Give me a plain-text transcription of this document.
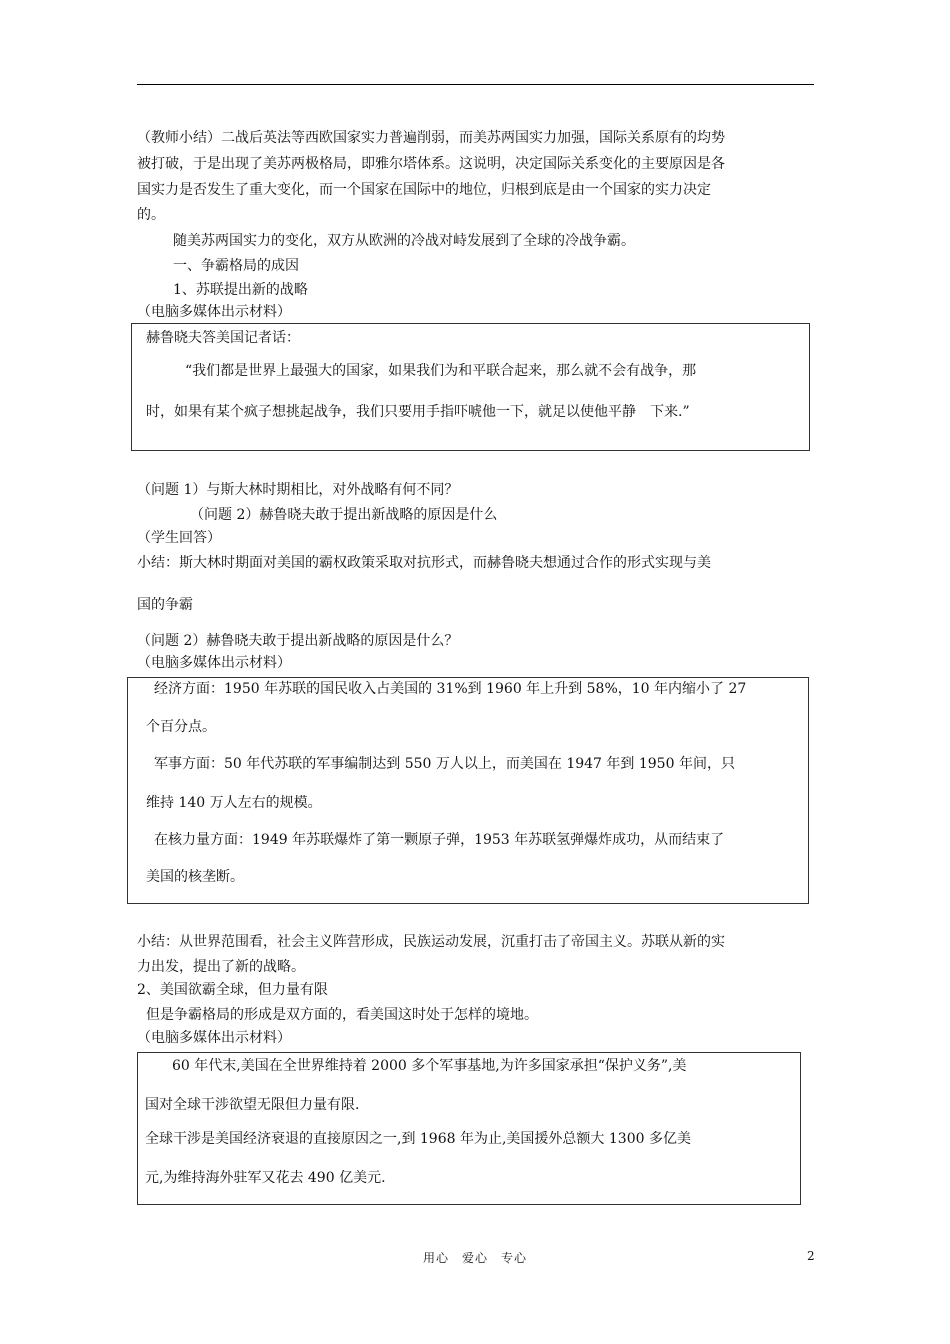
（教师小结）二战后英法等西欧国家实力普遍削弱，而美苏两国实力加强，国际关系原有的均势
被打破，于是出现了美苏两极格局，即雅尔塔体系。这说明，决定国际关系变化的主要原因是各
国实力是否发生了重大变化，而一个国家在国际中的地位，归根到底是由一个国家的实力决定
的。
随美苏两国实力的变化，双方从欧洲的冷战对峙发展到了全球的冷战争霸。
一、争霸格局的成因
1、苏联提出新的战略
（电脑多媒体出示材料）
赫鲁晓夫答美国记者话：
“我们都是世界上最强大的国家，如果我们为和平联合起来，那么就不会有战争，那
时，如果有某个疯子想挑起战争，我们只要用手指吓唬他一下，就足以使他平静　下来.”
（问题 1）与斯大林时期相比，对外战略有何不同？
（问题 2）赫鲁晓夫敢于提出新战略的原因是什么
（学生回答）
小结：斯大林时期面对美国的霸权政策采取对抗形式，而赫鲁晓夫想通过合作的形式实现与美
国的争霸
（问题 2）赫鲁晓夫敢于提出新战略的原因是什么？
（电脑多媒体出示材料）
经济方面：1950 年苏联的国民收入占美国的 31%到 1960 年上升到 58%，10 年内缩小了 27
个百分点。
军事方面：50 年代苏联的军事编制达到 550 万人以上，而美国在 1947 年到 1950 年间，只
维持 140 万人左右的规模。
在核力量方面：1949 年苏联爆炸了第一颗原子弹，1953 年苏联氢弹爆炸成功，从而结束了
美国的核垄断。
小结：从世界范围看，社会主义阵营形成，民族运动发展，沉重打击了帝国主义。苏联从新的实
力出发，提出了新的战略。
2、美国欲霸全球，但力量有限
但是争霸格局的形成是双方面的，看美国这时处于怎样的境地。
（电脑多媒体出示材料）
60 年代末,美国在全世界维持着 2000 多个军事基地,为许多国家承担“保护义务”,美
国对全球干涉欲望无限但力量有限.
全球干涉是美国经济衰退的直接原因之一,到 1968 年为止,美国援外总额大 1300 多亿美
元,为维持海外驻军又花去 490 亿美元.
用心　爱心　专心	2
